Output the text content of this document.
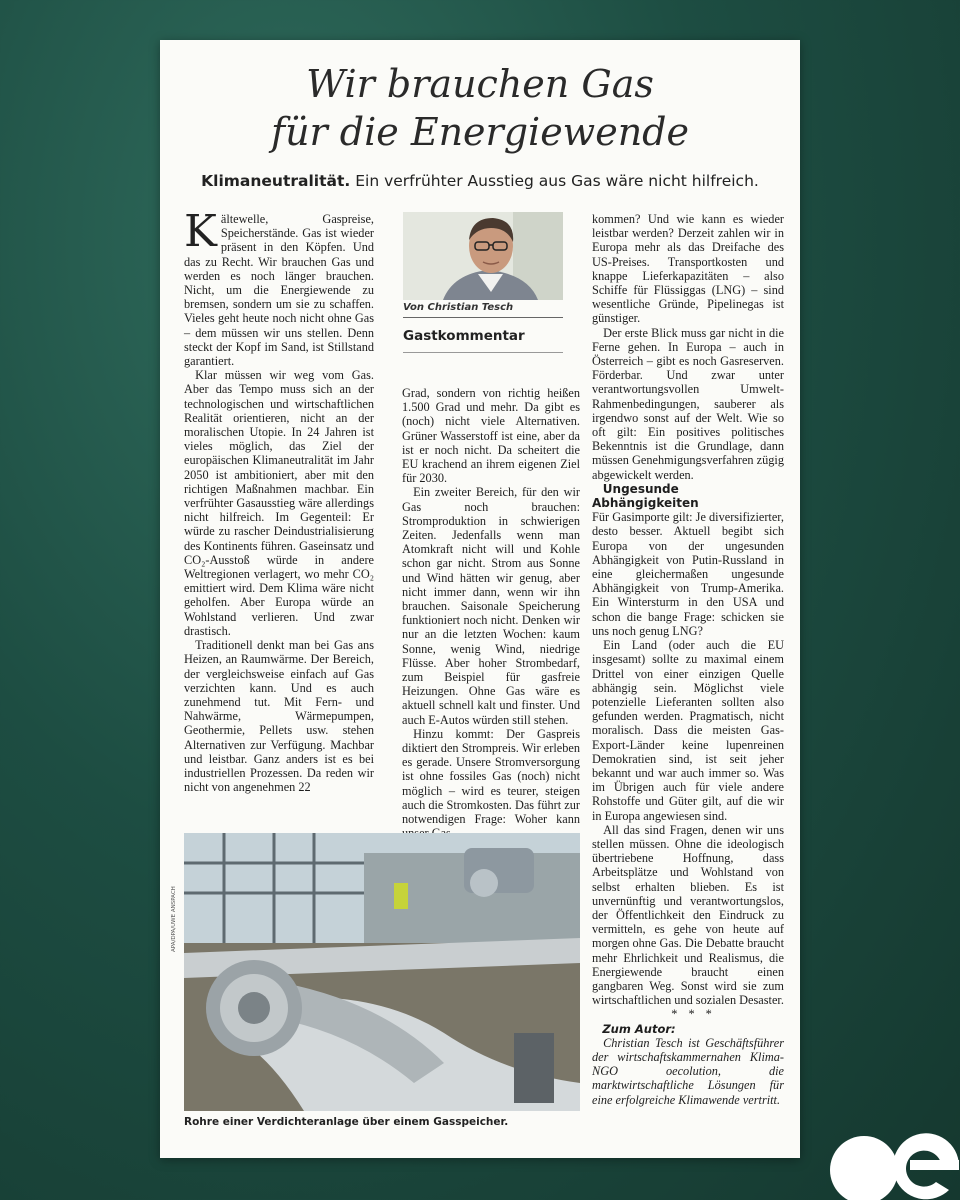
Wir brauchen Gas
für die Energiewende

Klimaneutralität. Ein verfrühter Ausstieg aus Gas wäre nicht hilfreich.

Kältewelle, Gaspreise, Speicherstände. Gas ist wieder präsent in den Köpfen. Und das zu Recht. Wir brauchen Gas und werden es noch länger brauchen. Nicht, um die Energiewende zu bremsen, sondern um sie zu schaffen. Vieles geht heute noch nicht ohne Gas – dem müssen wir uns stellen. Denn steckt der Kopf im Sand, ist Stillstand garantiert.

Klar müssen wir weg vom Gas. Aber das Tempo muss sich an der technologischen und wirtschaftlichen Realität orientieren, nicht an der moralischen Utopie. In 24 Jahren ist vieles möglich, das Ziel der europäischen Klimaneutralität im Jahr 2050 ist ambitioniert, aber mit den richtigen Maßnahmen machbar. Ein verfrühter Gasausstieg wäre allerdings nicht hilfreich. Im Gegenteil: Er würde zu rascher Deindustrialisierung des Kontinents führen. Gaseinsatz und CO₂-Ausstoß würde in andere Weltregionen verlagert, wo mehr CO₂ emittiert wird. Dem Klima wäre nicht geholfen. Aber Europa würde an Wohlstand verlieren. Und zwar drastisch.

Traditionell denkt man bei Gas ans Heizen, an Raumwärme. Der Bereich, der vergleichsweise einfach auf Gas verzichten kann. Und es auch zunehmend tut. Mit Fern- und Nahwärme, Wärmepumpen, Geothermie, Pellets usw. stehen Alternativen zur Verfügung. Machbar und leistbar. Ganz anders ist es bei industriellen Prozessen. Da reden wir nicht von angenehmen 22

Von Christian Tesch

Gastkommentar

Grad, sondern von richtig heißen 1.500 Grad und mehr. Da gibt es (noch) nicht viele Alternativen. Grüner Wasserstoff ist eine, aber da ist er noch nicht. Da scheitert die EU krachend an ihrem eigenen Ziel für 2030.

Ein zweiter Bereich, für den wir Gas noch brauchen: Stromproduktion in schwierigen Zeiten. Jedenfalls wenn man Atomkraft nicht will und Kohle schon gar nicht. Strom aus Sonne und Wind hätten wir genug, aber nicht immer dann, wenn wir ihn brauchen. Saisonale Speicherung funktioniert noch nicht. Denken wir nur an die letzten Wochen: kaum Sonne, wenig Wind, niedrige Flüsse. Aber hoher Strombedarf, zum Beispiel für gasfreie Heizungen. Ohne Gas wäre es aktuell schnell kalt und finster. Und auch E-Autos würden still stehen.

Hinzu kommt: Der Gaspreis diktiert den Strompreis. Wir erleben es gerade. Unsere Stromversorgung ist ohne fossiles Gas (noch) nicht möglich – wird es teurer, steigen auch die Stromkosten. Das führt zur notwendigen Frage: Woher kann

kommen? Und wie kann es wieder leistbar werden? Derzeit zahlen wir in Europa mehr als das Dreifache des US-Preises. Transportkosten und knappe Lieferkapazitäten – also Schiffe für Flüssiggas (LNG) – sind wesentliche Gründe, Pipelinegas ist günstiger.

Der erste Blick muss gar nicht in die Ferne gehen. In Europa – auch in Österreich – gibt es noch Gasreserven. Förderbar. Und zwar unter verantwortungsvollen Umwelt-Rahmenbedingungen, sauberer als irgendwo sonst auf der Welt. Wie so oft gilt: Ein positives politisches Bekenntnis ist die Grundlage, dann müssen Genehmigungsverfahren zügig abgewickelt werden.

Ungesunde Abhängigkeiten

Für Gasimporte gilt: Je diversifizierter, desto besser. Aktuell begibt sich Europa von der ungesunden Abhängigkeit von Putin-Russland in eine gleichermaßen ungesunde Abhängigkeit von Trump-Amerika. Ein Wintersturm in den USA und schon die bange Frage: schicken sie uns noch genug LNG?

Ein Land (oder auch die EU insgesamt) sollte zu maximal einem Drittel von einer einzigen Quelle abhängig sein. Möglichst viele potenzielle Lieferanten sollten also gefunden werden. Pragmatisch, nicht moralisch. Dass die meisten Gas-Export-Länder keine lupenreinen Demokratien sind, ist seit jeher bekannt und war auch immer so. Was im Übrigen auch für viele andere Rohstoffe und Güter gilt, auf die wir in Europa angewiesen sind.

All das sind Fragen, denen wir uns stellen müssen. Ohne die ideologisch übertriebene Hoffnung, dass Arbeitsplätze und Wohlstand von selbst erhalten blieben. Es ist unvernünftig und verantwortungslos, der Öffentlichkeit den Eindruck zu vermitteln, es gehe von heute auf morgen ohne Gas. Die Debatte braucht mehr Ehrlichkeit und Realismus, die Energiewende braucht einen gangbaren Weg. Sonst wird sie zum wirtschaftlichen und sozialen Desaster.

* * *

Zum Autor:

Christian Tesch ist Geschäftsführer der wirtschaftskammernahen Klima-NGO oecolution, die marktwirtschaftliche Lösungen für eine erfolgreiche Klimawende vertritt.

APA/DPA/UWE ANSPACH

Rohre einer Verdichteranlage über einem Gasspeicher.
